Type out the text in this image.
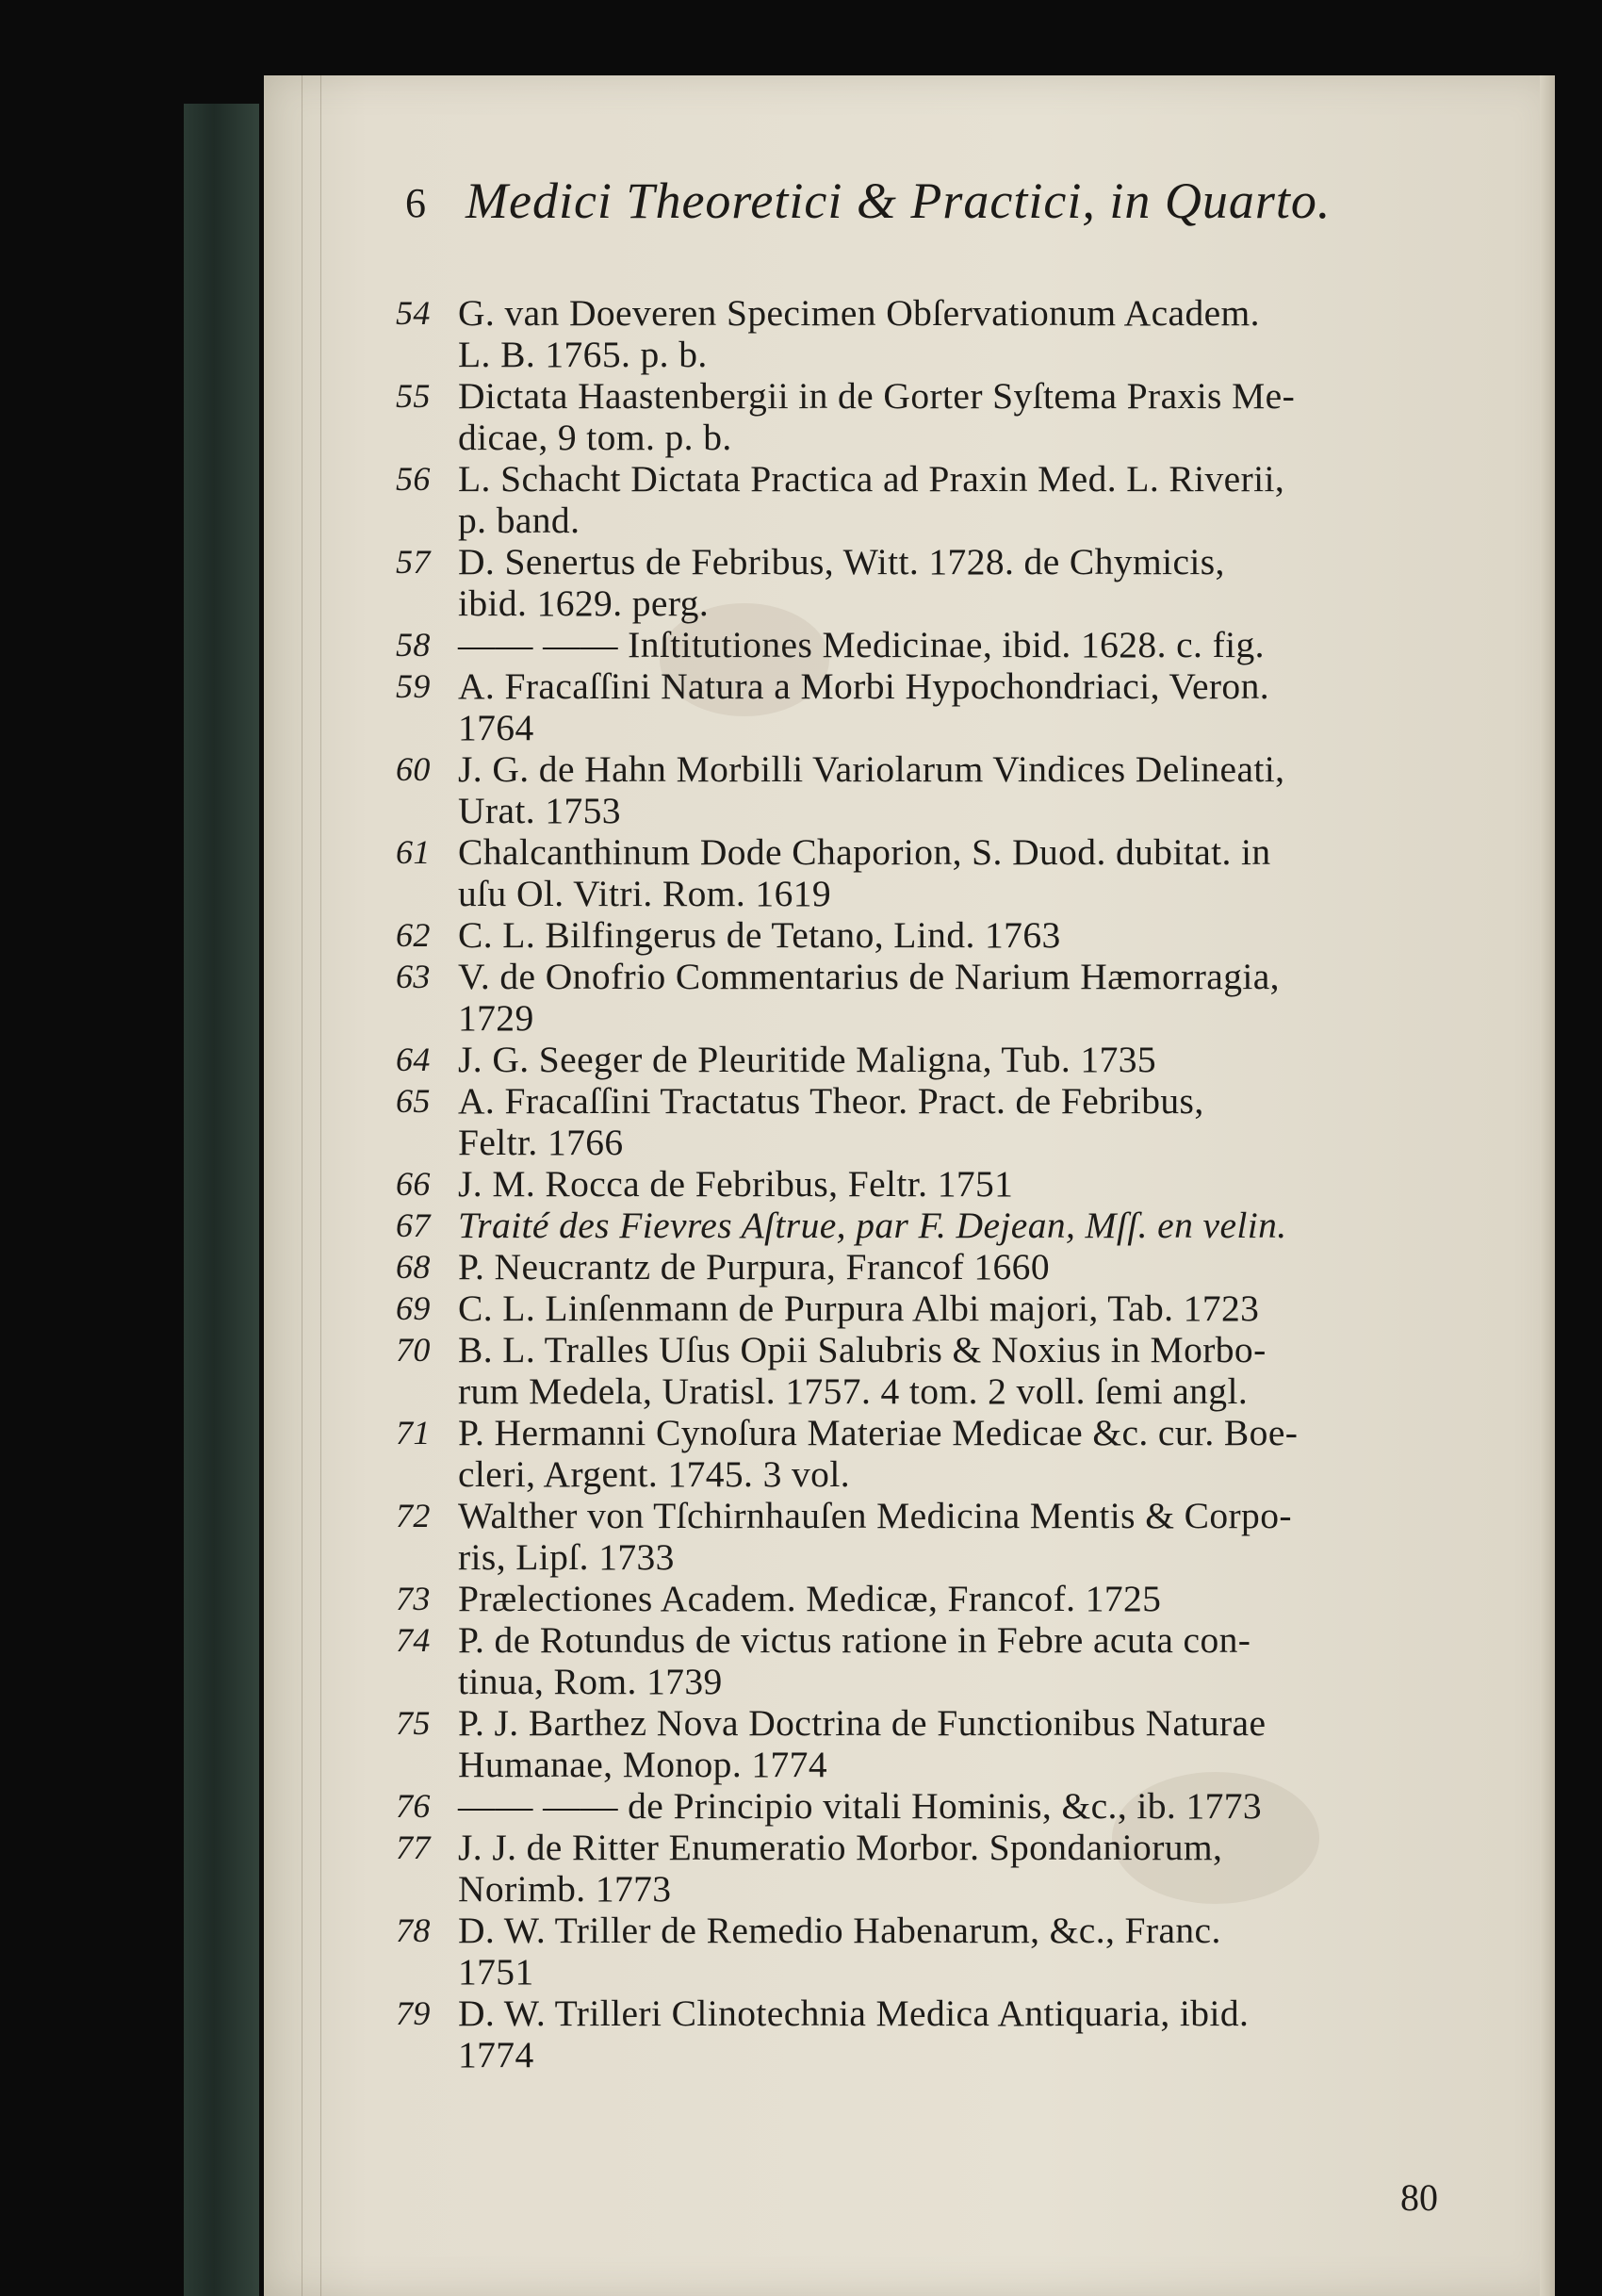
6 Medici Theoretici & Practici, in Quarto.
54 G. van Doeveren Specimen Obſervationum Academ.
L. B. 1765. p. b.
55 Dictata Haastenbergii in de Gorter Syſtema Praxis Me-
dicae, 9 tom. p. b.
56 L. Schacht Dictata Practica ad Praxin Med. L. Riverii,
p. band.
57 D. Senertus de Febribus, Witt. 1728. de Chymicis,
ibid. 1629. perg.
58 —— —— Inſtitutiones Medicinae, ibid. 1628. c. fig.
59 A. Fracaſſini Natura a Morbi Hypochondriaci, Veron.
1764
60 J. G. de Hahn Morbilli Variolarum Vindices Delineati,
Urat. 1753
61 Chalcanthinum Dode Chaporion, S. Duod. dubitat. in
uſu Ol. Vitri. Rom. 1619
62 C. L. Bilfingerus de Tetano, Lind. 1763
63 V. de Onofrio Commentarius de Narium Hæmorragia,
1729
64 J. G. Seeger de Pleuritide Maligna, Tub. 1735
65 A. Fracaſſini Tractatus Theor. Pract. de Febribus,
Feltr. 1766
66 J. M. Rocca de Febribus, Feltr. 1751
67 Traité des Fievres Aſtrue, par F. Dejean, Mſſ. en velin.
68 P. Neucrantz de Purpura, Francof 1660
69 C. L. Linſenmann de Purpura Albi majori, Tab. 1723
70 B. L. Tralles Uſus Opii Salubris & Noxius in Morbo-
rum Medela, Uratisl. 1757. 4 tom. 2 voll. ſemi angl.
71 P. Hermanni Cynoſura Materiae Medicae &c. cur. Boe-
cleri, Argent. 1745. 3 vol.
72 Walther von Tſchirnhauſen Medicina Mentis & Corpo-
ris, Lipſ. 1733
73 Prælectiones Academ. Medicæ, Francof. 1725
74 P. de Rotundus de victus ratione in Febre acuta con-
tinua, Rom. 1739
75 P. J. Barthez Nova Doctrina de Functionibus Naturae
Humanae, Monop. 1774
76 —— —— de Principio vitali Hominis, &c., ib. 1773
77 J. J. de Ritter Enumeratio Morbor. Spondaniorum,
Norimb. 1773
78 D. W. Triller de Remedio Habenarum, &c., Franc.
1751
79 D. W. Trilleri Clinotechnia Medica Antiquaria, ibid.
1774
80
